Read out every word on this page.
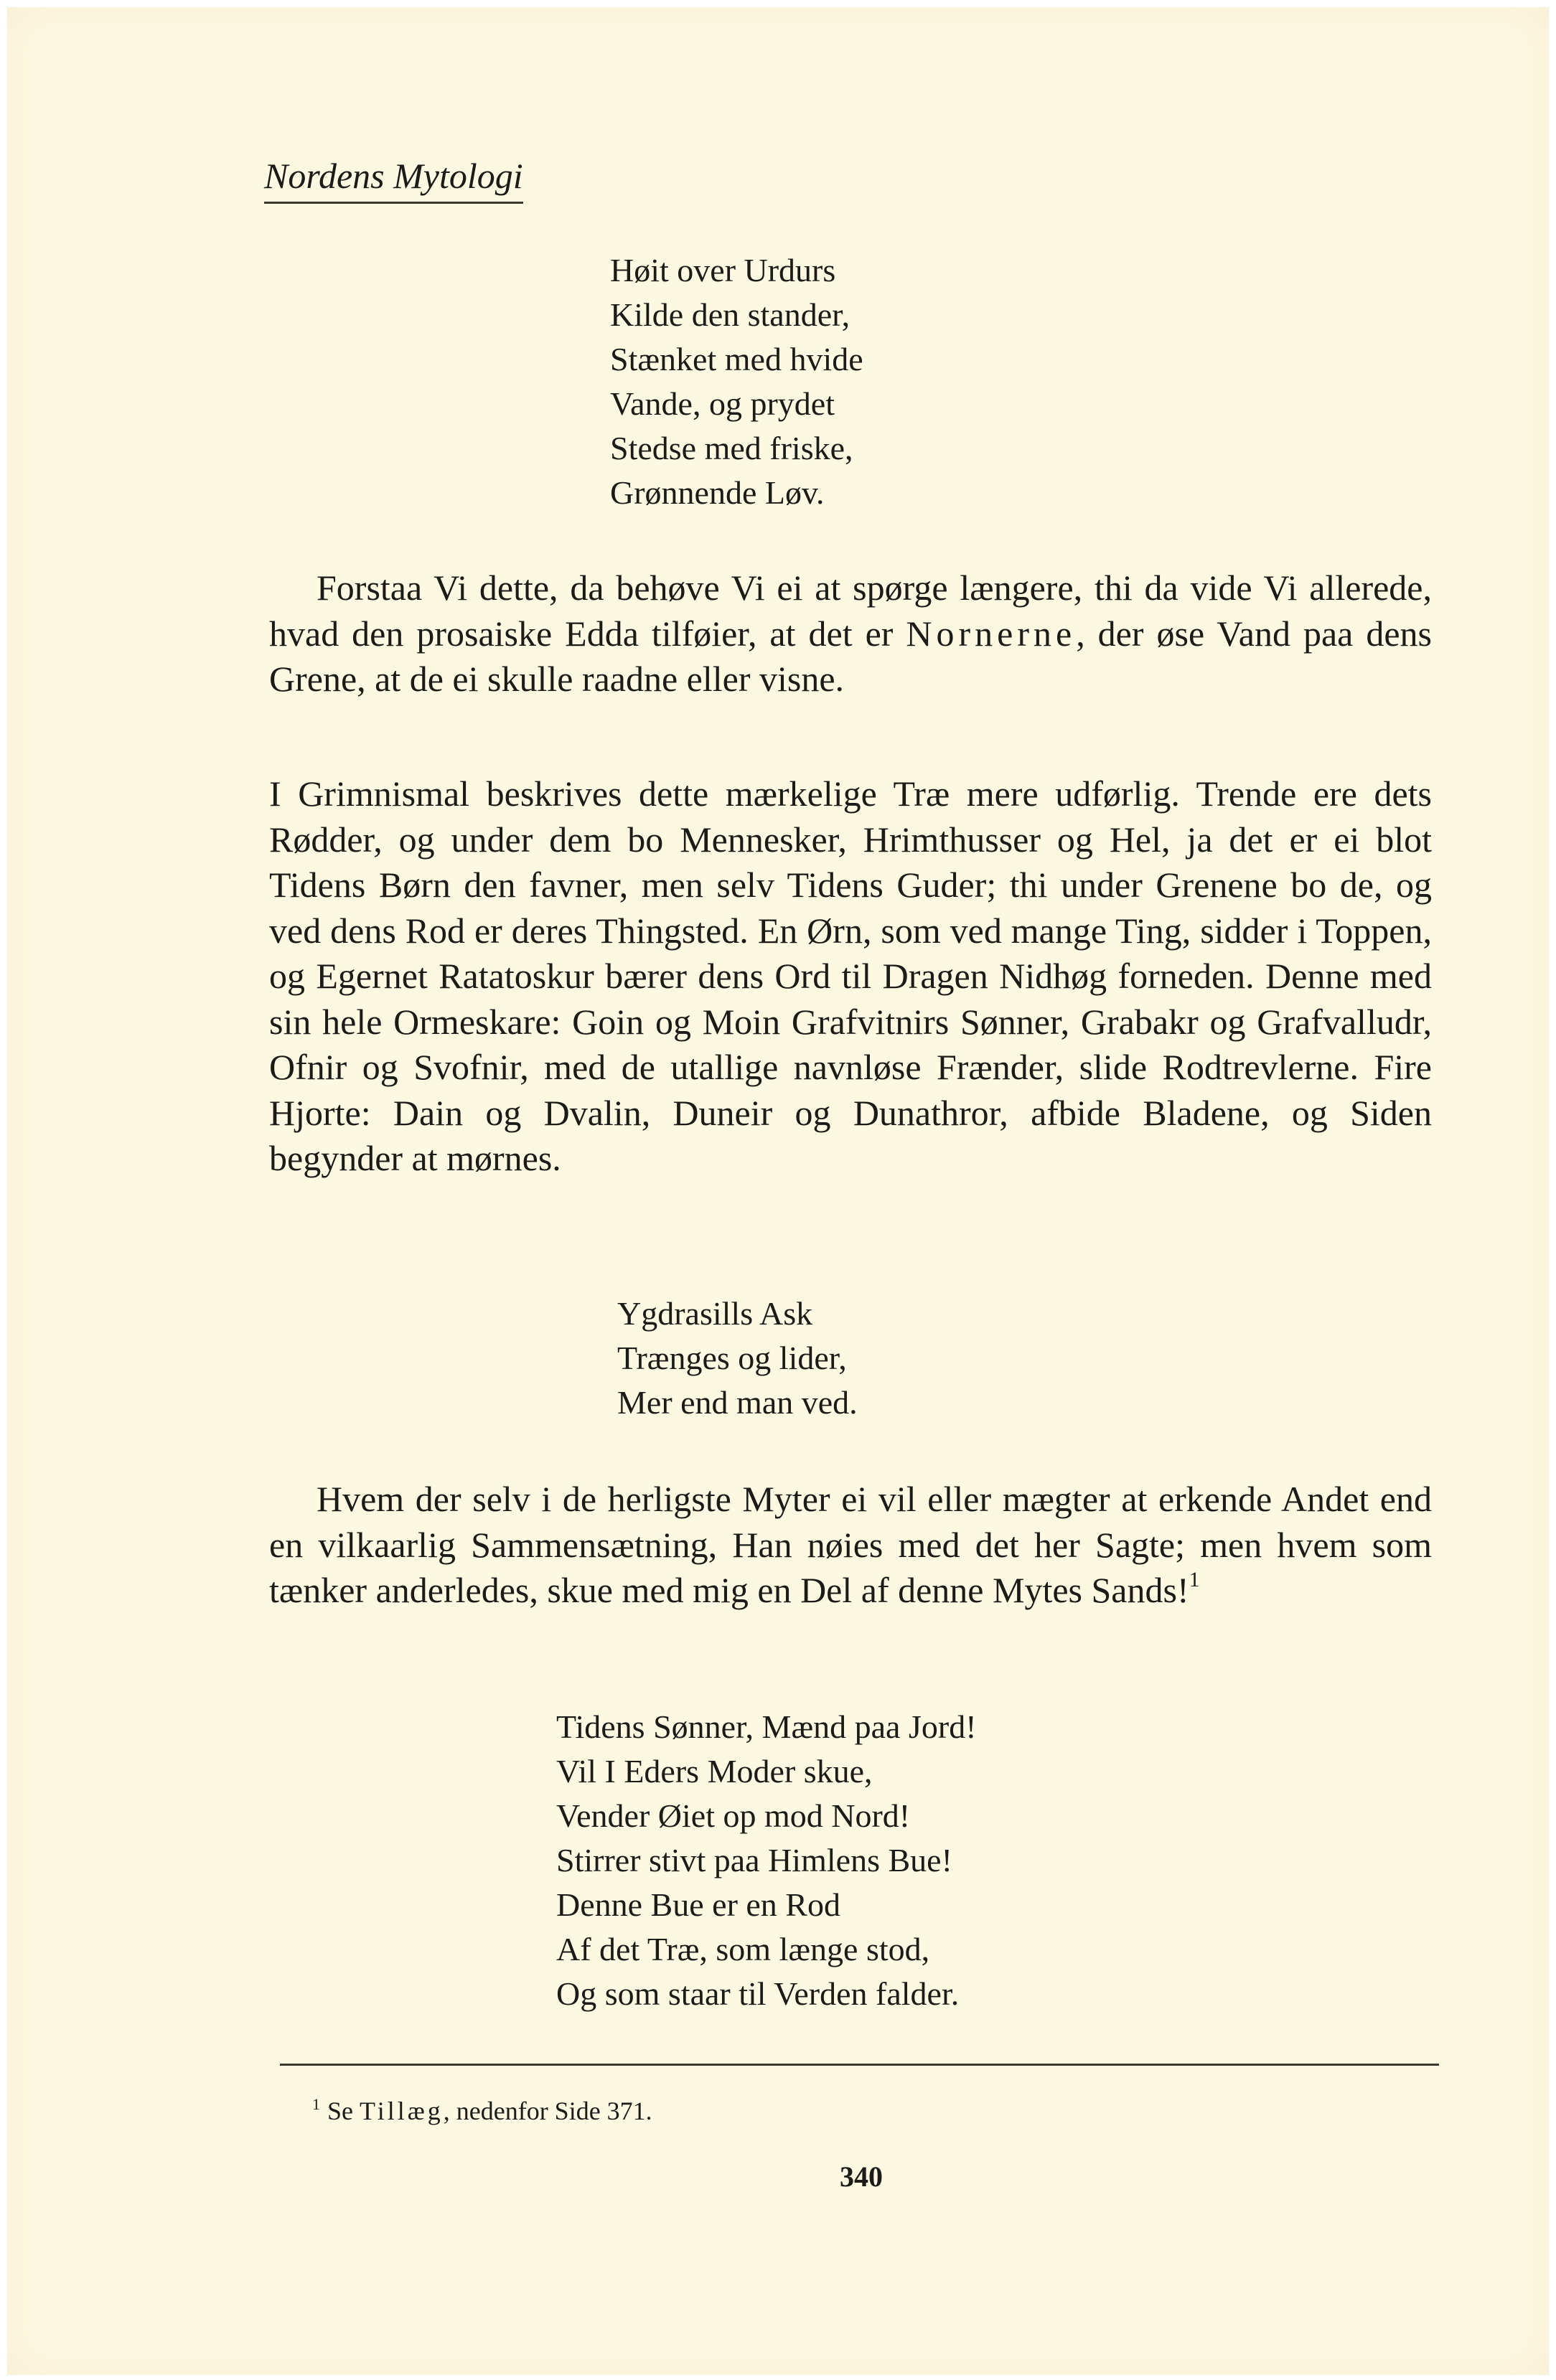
Nordens Mytologi
Høit over Urdurs
Kilde den stander,
Stænket med hvide
Vande, og prydet
Stedse med friske,
Grønnende Løv.

Forstaa Vi dette, da behøve Vi ei at spørge længere, thi da vide Vi allerede, hvad den prosaiske Edda tilføier, at det er Nornerne, der øse Vand paa dens Grene, at de ei skulle raadne eller visne.

I Grimnismal beskrives dette mærkelige Træ mere udførlig. Trende ere dets Rødder, og under dem bo Mennesker, Hrimthusser og Hel, ja det er ei blot Tidens Børn den favner, men selv Tidens Guder; thi under Grenene bo de, og ved dens Rod er deres Thingsted. En Ørn, som ved mange Ting, sidder i Toppen, og Egernet Ratatoskur bærer dens Ord til Dragen Nidhøg forneden. Denne med sin hele Ormeskare: Goin og Moin Grafvitnirs Sønner, Grabakr og Grafvalludr, Ofnir og Svofnir, med de utallige navnløse Frænder, slide Rodtrevlerne. Fire Hjorte: Dain og Dvalin, Duneir og Dunathror, afbide Bladene, og Siden begynder at mørnes.

Ygdrasills Ask
Trænges og lider,
Mer end man ved.

Hvem der selv i de herligste Myter ei vil eller mægter at erkende Andet end en vilkaarlig Sammensætning, Han nøies med det her Sagte; men hvem som tænker anderledes, skue med mig en Del af denne Mytes Sands!$^1$

Tidens Sønner, Mænd paa Jord!
Vil I Eders Moder skue,
Vender Øiet op mod Nord!
Stirrer stivt paa Himlens Bue!
Denne Bue er en Rod
Af det Træ, som længe stod,
Og som staar til Verden falder.
$^1$ Se Tillæg, nedenfor Side 371.
340
